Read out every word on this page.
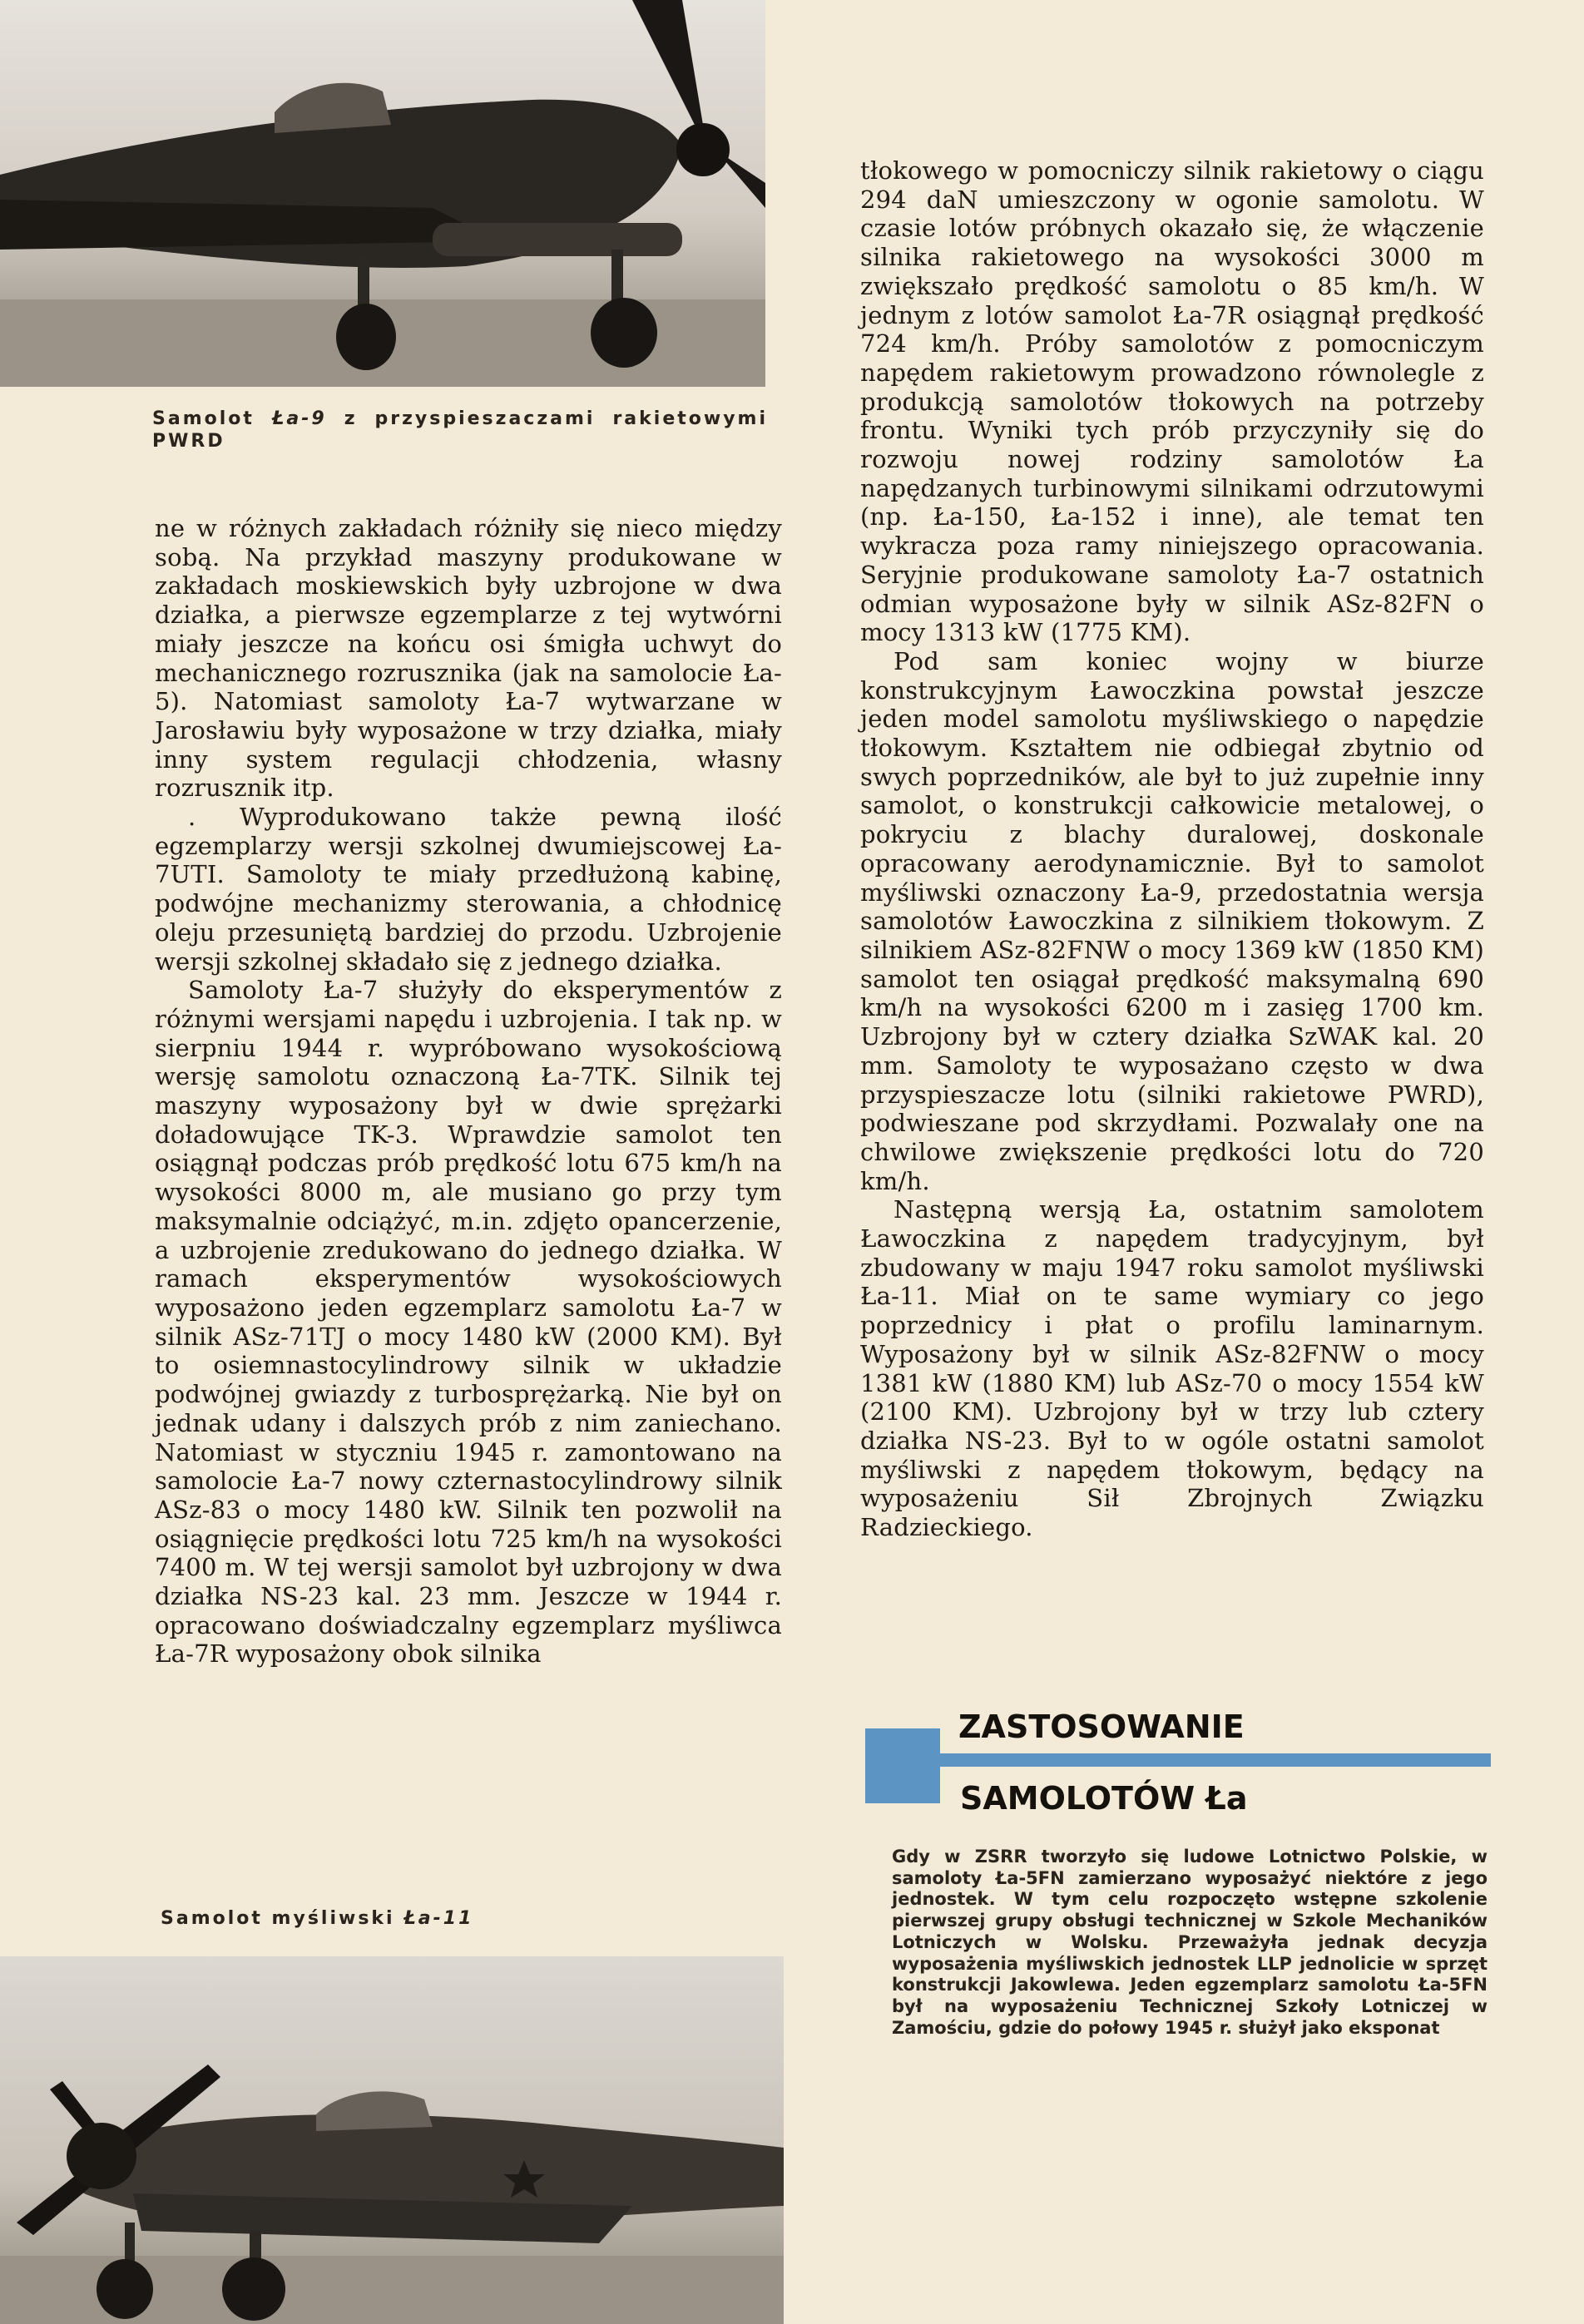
Samolot Ła-9 z przyspieszaczami rakietowymi PWRD

ne w różnych zakładach różniły się nieco między sobą. Na przykład maszyny produkowane w zakładach moskiewskich były uzbrojone w dwa działka, a pierwsze egzemplarze z tej wytwórni miały jeszcze na końcu osi śmigła uchwyt do mechanicznego rozrusznika (jak na samolocie Ła-5). Natomiast samoloty Ła-7 wytwarzane w Jarosławiu były wyposażone w trzy działka, miały inny system regulacji chłodzenia, własny rozrusznik itp.

. Wyprodukowano także pewną ilość egzemplarzy wersji szkolnej dwumiejscowej Ła-7UTI. Samoloty te miały przedłużoną kabinę, podwójne mechanizmy sterowania, a chłodnicę oleju przesuniętą bardziej do przodu. Uzbrojenie wersji szkolnej składało się z jednego działka.

Samoloty Ła-7 służyły do eksperymentów z różnymi wersjami napędu i uzbrojenia. I tak np. w sierpniu 1944 r. wypróbowano wysokościową wersję samolotu oznaczoną Ła-7TK. Silnik tej maszyny wyposażony był w dwie sprężarki doładowujące TK-3. Wprawdzie samolot ten osiągnął podczas prób prędkość lotu 675 km/h na wysokości 8000 m, ale musiano go przy tym maksymalnie odciążyć, m.in. zdjęto opancerzenie, a uzbrojenie zredukowano do jednego działka. W ramach eksperymentów wysokościowych wyposażono jeden egzemplarz samolotu Ła-7 w silnik ASz-71TJ o mocy 1480 kW (2000 KM). Był to osiemnastocylindrowy silnik w układzie podwójnej gwiazdy z turbosprężarką. Nie był on jednak udany i dalszych prób z nim zaniechano. Natomiast w styczniu 1945 r. zamontowano na samolocie Ła-7 nowy czternastocylindrowy silnik ASz-83 o mocy 1480 kW. Silnik ten pozwolił na osiągnięcie prędkości lotu 725 km/h na wysokości 7400 m. W tej wersji samolot był uzbrojony w dwa działka NS-23 kal. 23 mm. Jeszcze w 1944 r. opracowano doświadczalny egzemplarz myśliwca Ła-7R wyposażony obok silnika

tłokowego w pomocniczy silnik rakietowy o ciągu 294 daN umieszczony w ogonie samolotu. W czasie lotów próbnych okazało się, że włączenie silnika rakietowego na wysokości 3000 m zwiększało prędkość samolotu o 85 km/h. W jednym z lotów samolot Ła-7R osiągnął prędkość 724 km/h. Próby samolotów z pomocniczym napędem rakietowym prowadzono równolegle z produkcją samolotów tłokowych na potrzeby frontu. Wyniki tych prób przyczyniły się do rozwoju nowej rodziny samolotów Ła napędzanych turbinowymi silnikami odrzutowymi (np. Ła-150, Ła-152 i inne), ale temat ten wykracza poza ramy niniejszego opracowania. Seryjnie produkowane samoloty Ła-7 ostatnich odmian wyposażone były w silnik ASz-82FN o mocy 1313 kW (1775 KM).

Pod sam koniec wojny w biurze konstrukcyjnym Ławoczkina powstał jeszcze jeden model samolotu myśliwskiego o napędzie tłokowym. Kształtem nie odbiegał zbytnio od swych poprzedników, ale był to już zupełnie inny samolot, o konstrukcji całkowicie metalowej, o pokryciu z blachy duralowej, doskonale opracowany aerodynamicznie. Był to samolot myśliwski oznaczony Ła-9, przedostatnia wersja samolotów Ławoczkina z silnikiem tłokowym. Z silnikiem ASz-82FNW o mocy 1369 kW (1850 KM) samolot ten osiągał prędkość maksymalną 690 km/h na wysokości 6200 m i zasięg 1700 km. Uzbrojony był w cztery działka SzWAK kal. 20 mm. Samoloty te wyposażano często w dwa przyspieszacze lotu (silniki rakietowe PWRD), podwieszane pod skrzydłami. Pozwalały one na chwilowe zwiększenie prędkości lotu do 720 km/h.

Następną wersją Ła, ostatnim samolotem Ławoczkina z napędem tradycyjnym, był zbudowany w maju 1947 roku samolot myśliwski Ła-11. Miał on te same wymiary co jego poprzednicy i płat o profilu laminarnym. Wyposażony był w silnik ASz-82FNW o mocy 1381 kW (1880 KM) lub ASz-70 o mocy 1554 kW (2100 KM). Uzbrojony był w trzy lub cztery działka NS-23. Był to w ogóle ostatni samolot myśliwski z napędem tłokowym, będący na wyposażeniu Sił Zbrojnych Związku Radzieckiego.

ZASTOSOWANIE
SAMOLOTÓW Ła
Gdy w ZSRR tworzyło się ludowe Lotnictwo Polskie, w samoloty Ła-5FN zamierzano wyposażyć niektóre z jego jednostek. W tym celu rozpoczęto wstępne szkolenie pierwszej grupy obsługi technicznej w Szkole Mechaników Lotniczych w Wolsku. Przeważyła jednak decyzja wyposażenia myśliwskich jednostek LLP jednolicie w sprzęt konstrukcji Jakowlewa. Jeden egzemplarz samolotu Ła-5FN był na wyposażeniu Technicznej Szkoły Lotniczej w Zamościu, gdzie do połowy 1945 r. służył jako eksponat
Samolot myśliwski Ła-11
